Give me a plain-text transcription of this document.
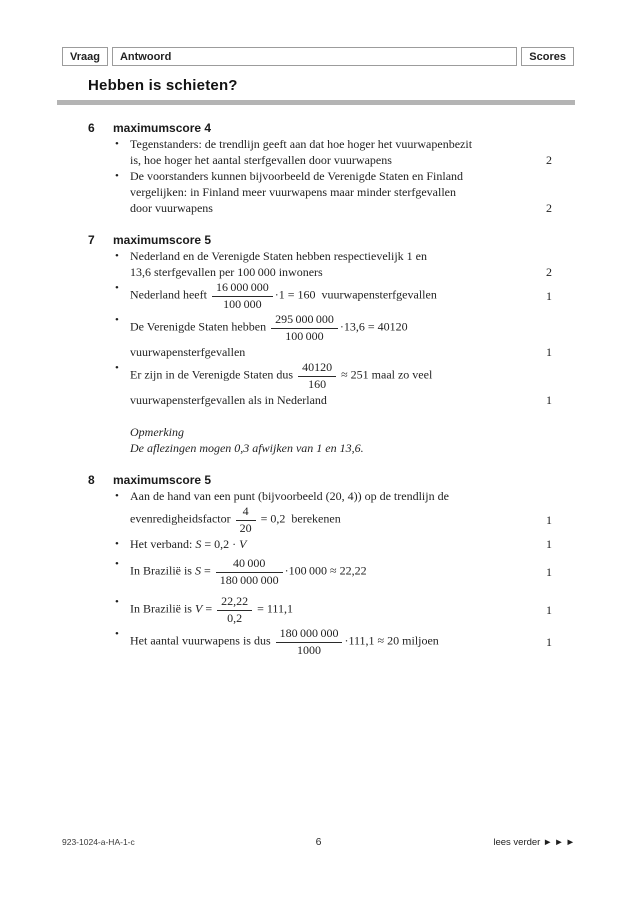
Vraag	Antwoord	Scores
Hebben is schieten?
6 maximumscore 4
• Tegenstanders: de trendlijn geeft aan dat hoe hoger het vuurwapenbezit
is, hoe hoger het aantal sterfgevallen door vuurwapens	2
• De voorstanders kunnen bijvoorbeeld de Verenigde Staten en Finland
vergelijken: in Finland meer vuurwapens maar minder sterfgevallen
door vuurwapens	2
7 maximumscore 5
• Nederland en de Verenigde Staten hebben respectievelijk 1 en
13,6 sterfgevallen per 100 000 inwoners	2
• Nederland heeft $\frac{16 000 000}{100 000} \cdot 1 = 160$ vuurwapensterfgevallen	1
• De Verenigde Staten hebben $\frac{295 000 000}{100 000} \cdot 13,6 = 40120$
vuurwapensterfgevallen	1
• Er zijn in de Verenigde Staten dus $\frac{40120}{160} \approx 251$ maal zo veel
vuurwapensterfgevallen als in Nederland	1
Opmerking
De aflezingen mogen 0,3 afwijken van 1 en 13,6.
8 maximumscore 5
• Aan de hand van een punt (bijvoorbeeld (20, 4)) op de trendlijn de
evenredigheidsfactor $\frac{4}{20} = 0,2$ berekenen	1
• Het verband: S = 0,2 · V	1
• In Brazilië is $S = \frac{40 000}{180 000 000} \cdot 100$ 000 ≈ 22,22	1
• In Brazilië is $V = \frac{22,22}{0,2} = 111,1$	1
• Het aantal vuurwapens is dus $\frac{180 000 000}{1000} \cdot 111,1 \approx 20$ miljoen	1
923-1024-a-HA-1-c	6	lees verder ► ► ►
